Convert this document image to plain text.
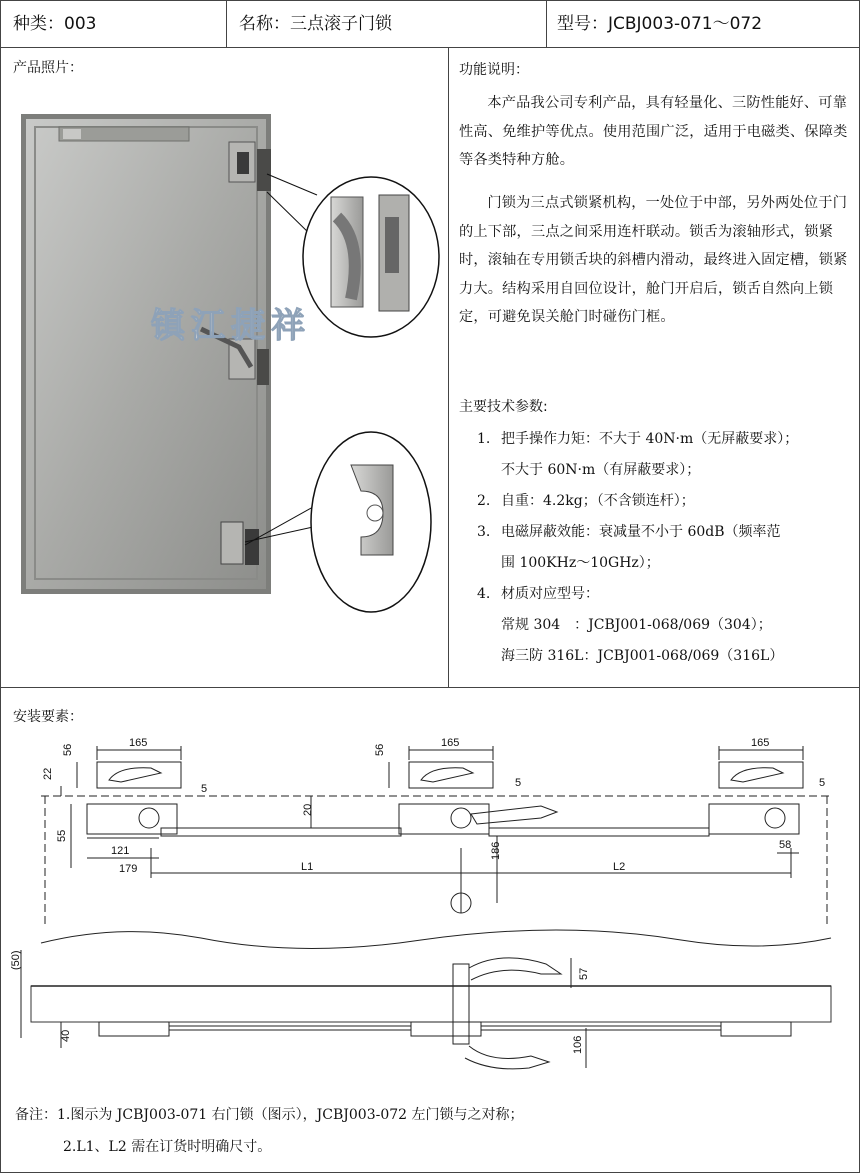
种类：003	名称：三点滚子门锁	型号：JCBJ003-071～072
产品照片：
镇江捷祥
功能说明：
本产品我公司专利产品，具有轻量化、三防性能好、可靠性高、免维护等优点。使用范围广泛，适用于电磁类、保障类等各类特种方舱。
门锁为三点式锁紧机构，一处位于中部，另外两处位于门的上下部，三点之间采用连杆联动。锁舌为滚轴形式，锁紧时，滚轴在专用锁舌块的斜槽内滑动，最终进入固定槽，锁紧力大。结构采用自回位设计，舱门开启后，锁舌自然向上锁定，可避免误关舱门时碰伤门框。
主要技术参数:
1. 把手操作力矩：不大于 40N·m（无屏蔽要求）；
不大于 60N·m（有屏蔽要求）；
2. 自重：4.2kg；（不含锁连杆）；
3. 电磁屏蔽效能：衰减量不小于 60dB（频率范
围 100KHz～10GHz）；
4. 材质对应型号：
常规 304　：JCBJ001-068/069（304）；
海三防 316L：JCBJ001-068/069（316L）
安装要素：
165	165	165
56	56
22
5	5	5
20
55
121
179
186	58
L1	L2
(50)
40
57
106
备注：1.图示为 JCBJ003-071 右门锁（图示），JCBJ003-072 左门锁与之对称；
2.L1、L2 需在订货时明确尺寸。
